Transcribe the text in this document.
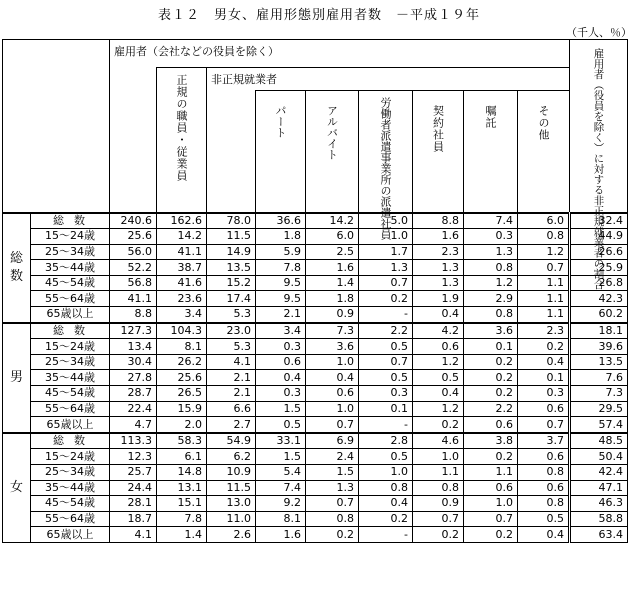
表１２　男女、雇用形態別雇用者数　－平成１９年
（千人、％）

		雇用者（会社などの役員を除く）									雇用者（役員を除く）に対する非正規就業者の割合

			正規の職員・従業員	非正規就業者							

					パート	アルバイト	労働者派遣事業所の派遣社員	契約社員	嘱託	その他	

総
数	総数	240.6	162.6	78.0	36.6	14.2	5.0	8.8	7.4	6.0	32.4
	15～24歳	25.6	14.2	11.5	1.8	6.0	1.0	1.6	0.3	0.8	44.9
	25～34歳	56.0	41.1	14.9	5.9	2.5	1.7	2.3	1.3	1.2	26.6
	35～44歳	52.2	38.7	13.5	7.8	1.6	1.3	1.3	0.8	0.7	25.9
	45～54歳	56.8	41.6	15.2	9.5	1.4	0.7	1.3	1.2	1.1	26.8
	55～64歳	41.1	23.6	17.4	9.5	1.8	0.2	1.9	2.9	1.1	42.3
	65歳以上	8.8	3.4	5.3	2.1	0.9	-	0.4	0.8	1.1	60.2

男	総数	127.3	104.3	23.0	3.4	7.3	2.2	4.2	3.6	2.3	18.1
	15～24歳	13.4	8.1	5.3	0.3	3.6	0.5	0.6	0.1	0.2	39.6
	25～34歳	30.4	26.2	4.1	0.6	1.0	0.7	1.2	0.2	0.4	13.5
	35～44歳	27.8	25.6	2.1	0.4	0.4	0.5	0.5	0.2	0.1	7.6
	45～54歳	28.7	26.5	2.1	0.3	0.6	0.3	0.4	0.2	0.3	7.3
	55～64歳	22.4	15.9	6.6	1.5	1.0	0.1	1.2	2.2	0.6	29.5
	65歳以上	4.7	2.0	2.7	0.5	0.7	-	0.2	0.6	0.7	57.4

女	総数	113.3	58.3	54.9	33.1	6.9	2.8	4.6	3.8	3.7	48.5
	15～24歳	12.3	6.1	6.2	1.5	2.4	0.5	1.0	0.2	0.6	50.4
	25～34歳	25.7	14.8	10.9	5.4	1.5	1.0	1.1	1.1	0.8	42.4
	35～44歳	24.4	13.1	11.5	7.4	1.3	0.8	0.8	0.6	0.6	47.1
	45～54歳	28.1	15.1	13.0	9.2	0.7	0.4	0.9	1.0	0.8	46.3
	55～64歳	18.7	7.8	11.0	8.1	0.8	0.2	0.7	0.7	0.5	58.8
	65歳以上	4.1	1.4	2.6	1.6	0.2	-	0.2	0.2	0.4	63.4
